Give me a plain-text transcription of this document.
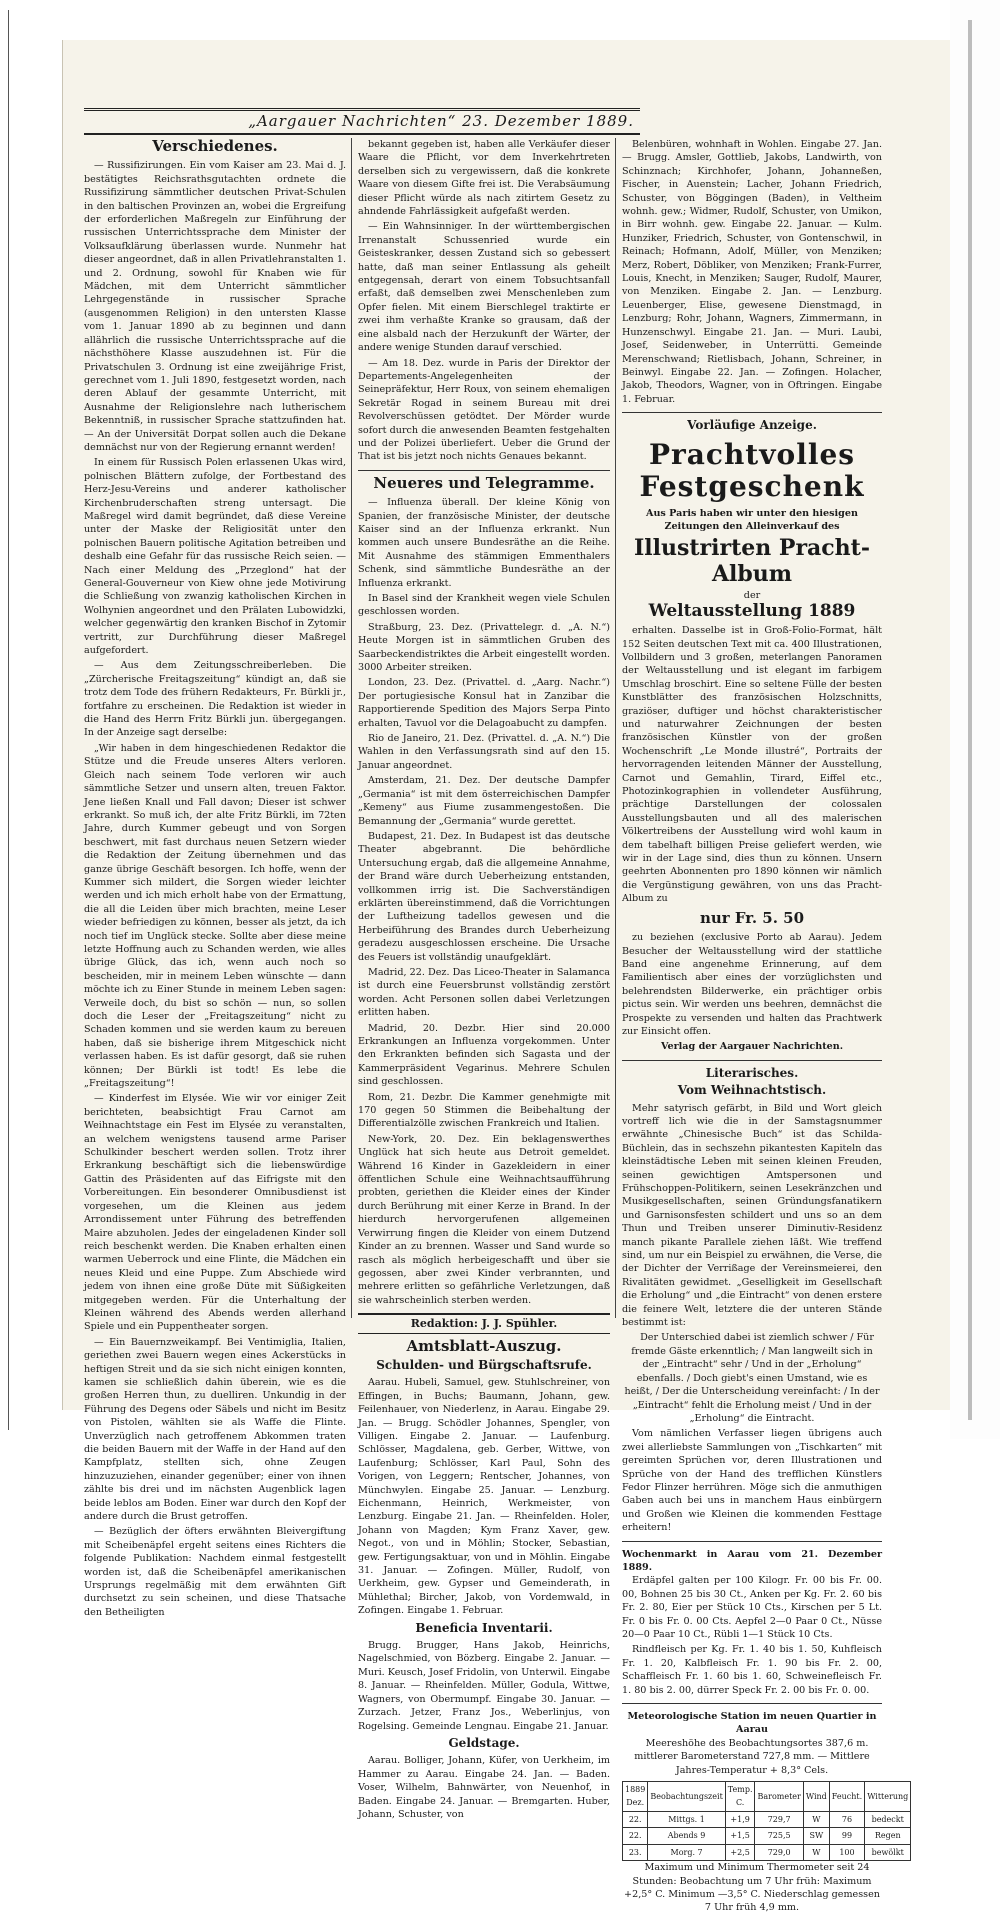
„Aargauer Nachrichten“ 23. Dezember 1889.
Verschiedenes.

— Russifizirungen. Ein vom Kaiser am 23. Mai d. J. bestätigtes Reichsrathsgutachten ordnete die Russifizirung sämmtlicher deutschen Privat-Schulen in den baltischen Provinzen an, wobei die Ergreifung der erforderlichen Maßregeln zur Einführung der russischen Unterrichtssprache dem Minister der Volksaufklärung überlassen wurde. Nunmehr hat dieser angeordnet, daß in allen Privatlehranstalten 1. und 2. Ordnung, sowohl für Knaben wie für Mädchen, mit dem Unterricht sämmtlicher Lehrgegenstände in russischer Sprache (ausgenommen Religion) in den untersten Klasse vom 1. Januar 1890 ab zu beginnen und dann allährlich die russische Unterrichtssprache auf die nächsthöhere Klasse auszudehnen ist. Für die Privatschulen 3. Ordnung ist eine zweijährige Frist, gerechnet vom 1. Juli 1890, festgesetzt worden, nach deren Ablauf der gesammte Unterricht, mit Ausnahme der Religionslehre nach lutherischem Bekenntniß, in russischer Sprache stattzufinden hat. — An der Universität Dorpat sollen auch die Dekane demnächst nur von der Regierung ernannt werden!

In einem für Russisch Polen erlassenen Ukas wird, polnischen Blättern zufolge, der Fortbestand des Herz-Jesu-Vereins und anderer katholischer Kirchenbruderschaften streng untersagt. Die Maßregel wird damit begründet, daß diese Vereine unter der Maske der Religiosität unter den polnischen Bauern politische Agitation betreiben und deshalb eine Gefahr für das russische Reich seien. — Nach einer Meldung des „Przeglond“ hat der General-Gouverneur von Kiew ohne jede Motivirung die Schließung von zwanzig katholischen Kirchen in Wolhynien angeordnet und den Prälaten Lubowidzki, welcher gegenwärtig den kranken Bischof in Zytomir vertritt, zur Durchführung dieser Maßregel aufgefordert.

— Aus dem Zeitungsschreiberleben. Die „Zürcherische Freitagszeitung“ kündigt an, daß sie trotz dem Tode des frühern Redakteurs, Fr. Bürkli jr., fortfahre zu erscheinen. Die Redaktion ist wieder in die Hand des Herrn Fritz Bürkli jun. übergegangen. In der Anzeige sagt derselbe:

„Wir haben in dem hingeschiedenen Redaktor die Stütze und die Freude unseres Alters verloren. Gleich nach seinem Tode verloren wir auch sämmtliche Setzer und unsern alten, treuen Faktor. Jene ließen Knall und Fall davon; Dieser ist schwer erkrankt. So muß ich, der alte Fritz Bürkli, im 72ten Jahre, durch Kummer gebeugt und von Sorgen beschwert, mit fast durchaus neuen Setzern wieder die Redaktion der Zeitung übernehmen und das ganze übrige Geschäft besorgen. Ich hoffe, wenn der Kummer sich mildert, die Sorgen wieder leichter werden und ich mich erholt habe von der Ermattung, die all die Leiden über mich brachten, meine Leser wieder befriedigen zu können, besser als jetzt, da ich noch tief im Unglück stecke. Sollte aber diese meine letzte Hoffnung auch zu Schanden werden, wie alles übrige Glück, das ich, wenn auch noch so bescheiden, mir in meinem Leben wünschte — dann möchte ich zu Einer Stunde in meinem Leben sagen: Verweile doch, du bist so schön — nun, so sollen doch die Leser der „Freitagszeitung“ nicht zu Schaden kommen und sie werden kaum zu bereuen haben, daß sie bisherige ihrem Mitgeschick nicht verlassen haben. Es ist dafür gesorgt, daß sie ruhen können; Der Bürkli ist todt! Es lebe die „Freitagszeitung“!

— Kinderfest im Elysée. Wie wir vor einiger Zeit berichteten, beabsichtigt Frau Carnot am Weihnachtstage ein Fest im Elysée zu veranstalten, an welchem wenigstens tausend arme Pariser Schulkinder beschert werden sollen. Trotz ihrer Erkrankung beschäftigt sich die liebenswürdige Gattin des Präsidenten auf das Eifrigste mit den Vorbereitungen. Ein besonderer Omnibusdienst ist vorgesehen, um die Kleinen aus jedem Arrondissement unter Führung des betreffenden Maire abzuholen. Jedes der eingeladenen Kinder soll reich beschenkt werden. Die Knaben erhalten einen warmen Ueberrock und eine Flinte, die Mädchen ein neues Kleid und eine Puppe. Zum Abschiede wird jedem von ihnen eine große Düte mit Süßigkeiten mitgegeben werden. Für die Unterhaltung der Kleinen während des Abends werden allerhand Spiele und ein Puppentheater sorgen.

— Ein Bauernzweikampf. Bei Ventimiglia, Italien, geriethen zwei Bauern wegen eines Ackerstücks in heftigen Streit und da sie sich nicht einigen konnten, kamen sie schließlich dahin überein, wie es die großen Herren thun, zu duelliren. Unkundig in der Führung des Degens oder Säbels und nicht im Besitz von Pistolen, wählten sie als Waffe die Flinte. Unverzüglich nach getroffenem Abkommen traten die beiden Bauern mit der Waffe in der Hand auf den Kampfplatz, stellten sich, ohne Zeugen hinzuzuziehen, einander gegenüber; einer von ihnen zählte bis drei und im nächsten Augenblick lagen beide leblos am Boden. Einer war durch den Kopf der andere durch die Brust getroffen.

— Bezüglich der öfters erwähnten Bleivergiftung mit Scheibenäpfel ergeht seitens eines Richters die folgende Publikation: Nachdem einmal festgestellt worden ist, daß die Scheibenäpfel amerikanischen Ursprungs regelmäßig mit dem erwähnten Gift durchsetzt zu sein scheinen, und diese Thatsache den Betheiligten

bekannt gegeben ist, haben alle Verkäufer dieser Waare die Pflicht, vor dem Inverkehrtreten derselben sich zu vergewissern, daß die konkrete Waare von diesem Gifte frei ist. Die Verabsäumung dieser Pflicht würde als nach zitirtem Gesetz zu ahndende Fahrlässigkeit aufgefaßt werden.

— Ein Wahnsinniger. In der württembergischen Irrenanstalt Schussenried wurde ein Geisteskranker, dessen Zustand sich so gebessert hatte, daß man seiner Entlassung als geheilt entgegensah, derart von einem Tobsuchtsanfall erfaßt, daß demselben zwei Menschenleben zum Opfer fielen. Mit einem Bierschlegel traktirte er zwei ihm verhaßte Kranke so grausam, daß der eine alsbald nach der Herzukunft der Wärter, der andere wenige Stunden darauf verschied.

— Am 18. Dez. wurde in Paris der Direktor der Departements-Angelegenheiten der Seinepräfektur, Herr Roux, von seinem ehemaligen Sekretär Rogad in seinem Bureau mit drei Revolverschüssen getödtet. Der Mörder wurde sofort durch die anwesenden Beamten festgehalten und der Polizei überliefert. Ueber die Grund der That ist bis jetzt noch nichts Genaues bekannt.

Neueres und Telegramme.

— Influenza überall. Der kleine König von Spanien, der französische Minister, der deutsche Kaiser sind an der Influenza erkrankt. Nun kommen auch unsere Bundesräthe an die Reihe. Mit Ausnahme des stämmigen Emmenthalers Schenk, sind sämmtliche Bundesräthe an der Influenza erkrankt.

In Basel sind der Krankheit wegen viele Schulen geschlossen worden.

Straßburg, 23. Dez. (Privattelegr. d. „A. N.“) Heute Morgen ist in sämmtlichen Gruben des Saarbeckendistriktes die Arbeit eingestellt worden. 3000 Arbeiter streiken.

London, 23. Dez. (Privattel. d. „Aarg. Nachr.“) Der portugiesische Konsul hat in Zanzibar die Rapportierende Spedition des Majors Serpa Pinto erhalten, Tavuol vor die Delagoabucht zu dampfen.

Rio de Janeiro, 21. Dez. (Privattel. d. „A. N.“) Die Wahlen in den Verfassungsrath sind auf den 15. Januar angeordnet.

Amsterdam, 21. Dez. Der deutsche Dampfer „Germania“ ist mit dem österreichischen Dampfer „Kemeny“ aus Fiume zusammengestoßen. Die Bemannung der „Germania“ wurde gerettet.

Budapest, 21. Dez. In Budapest ist das deutsche Theater abgebrannt. Die behördliche Untersuchung ergab, daß die allgemeine Annahme, der Brand wäre durch Ueberheizung entstanden, vollkommen irrig ist. Die Sachverständigen erklärten übereinstimmend, daß die Vorrichtungen der Luftheizung tadellos gewesen und die Herbeiführung des Brandes durch Ueberheizung geradezu ausgeschlossen erscheine. Die Ursache des Feuers ist vollständig unaufgeklärt.

Madrid, 22. Dez. Das Liceo-Theater in Salamanca ist durch eine Feuersbrunst vollständig zerstört worden. Acht Personen sollen dabei Verletzungen erlitten haben.

Madrid, 20. Dezbr. Hier sind 20.000 Erkrankungen an Influenza vorgekommen. Unter den Erkrankten befinden sich Sagasta und der Kammerpräsident Vegarinus. Mehrere Schulen sind geschlossen.

Rom, 21. Dezbr. Die Kammer genehmigte mit 170 gegen 50 Stimmen die Beibehaltung der Differentialzölle zwischen Frankreich und Italien.

New-York, 20. Dez. Ein beklagenswerthes Unglück hat sich heute aus Detroit gemeldet. Während 16 Kinder in Gazekleidern in einer öffentlichen Schule eine Weihnachtsaufführung probten, geriethen die Kleider eines der Kinder durch Berührung mit einer Kerze in Brand. In der hierdurch hervorgerufenen allgemeinen Verwirrung fingen die Kleider von einem Dutzend Kinder an zu brennen. Wasser und Sand wurde so rasch als möglich herbeigeschafft und über sie gegossen, aber zwei Kinder verbrannten, und mehrere erlitten so gefährliche Verletzungen, daß sie wahrscheinlich sterben werden.

Redaktion: J. J. Spühler.
Amtsblatt-Auszug.
Schulden- und Bürgschaftsrufe.

Aarau. Hubeli, Samuel, gew. Stuhlschreiner, von Effingen, in Buchs; Baumann, Johann, gew. Feilenhauer, von Niederlenz, in Aarau. Eingabe 29. Jan. — Brugg. Schödler Johannes, Spengler, von Villigen. Eingabe 2. Januar. — Laufenburg. Schlösser, Magdalena, geb. Gerber, Wittwe, von Laufenburg; Schlösser, Karl Paul, Sohn des Vorigen, von Leggern; Rentscher, Johannes, von Münchwylen. Eingabe 25. Januar. — Lenzburg. Eichenmann, Heinrich, Werkmeister, von Lenzburg. Eingabe 21. Jan. — Rheinfelden. Holer, Johann von Magden; Kym Franz Xaver, gew. Negot., von und in Möhlin; Stocker, Sebastian, gew. Fertigungsaktuar, von und in Möhlin. Eingabe 31. Januar. — Zofingen. Müller, Rudolf, von Uerkheim, gew. Gypser und Gemeinderath, in Mühlethal; Bircher, Jakob, von Vordemwald, in Zofingen. Eingabe 1. Februar.

Beneficia Inventarii.

Brugg. Brugger, Hans Jakob, Heinrichs, Nagelschmied, von Bözberg. Eingabe 2. Januar. — Muri. Keusch, Josef Fridolin, von Unterwil. Eingabe 8. Januar. — Rheinfelden. Müller, Godula, Wittwe, Wagners, von Obermumpf. Eingabe 30. Januar. — Zurzach. Jetzer, Franz Jos., Weberlinjus, von Rogelsing. Gemeinde Lengnau. Eingabe 21. Januar.

Geldstage.

Aarau. Bolliger, Johann, Küfer, von Uerkheim, im Hammer zu Aarau. Eingabe 24. Jan. — Baden. Voser, Wilhelm, Bahnwärter, von Neuenhof, in Baden. Eingabe 24. Januar. — Bremgarten. Huber, Johann, Schuster, von

Belenbüren, wohnhaft in Wohlen. Eingabe 27. Jan. — Brugg. Amsler, Gottlieb, Jakobs, Landwirth, von Schinznach; Kirchhofer, Johann, Johanneßen, Fischer, in Auenstein; Lacher, Johann Friedrich, Schuster, von Böggingen (Baden), in Veltheim wohnh. gew.; Widmer, Rudolf, Schuster, von Umikon, in Birr wohnh. gew. Eingabe 22. Januar. — Kulm. Hunziker, Friedrich, Schuster, von Gontenschwil, in Reinach; Hofmann, Adolf, Müller, von Menziken; Merz, Robert, Döbliker, von Menziken; Frank-Furrer, Louis, Knecht, in Menziken; Sauger, Rudolf, Maurer, von Menziken. Eingabe 2. Jan. — Lenzburg. Leuenberger, Elise, gewesene Dienstmagd, in Lenzburg; Rohr, Johann, Wagners, Zimmermann, in Hunzenschwyl. Eingabe 21. Jan. — Muri. Laubi, Josef, Seidenweber, in Unterrütti. Gemeinde Merenschwand; Rietlisbach, Johann, Schreiner, in Beinwyl. Eingabe 22. Jan. — Zofingen. Holacher, Jakob, Theodors, Wagner, von in Oftringen. Eingabe 1. Februar.

Vorläufige Anzeige.
Prachtvolles Festgeschenk
Aus Paris haben wir unter den hiesigen Zeitungen den Alleinverkauf des
Illustrirten Pracht-Album
der
Weltausstellung 1889

erhalten. Dasselbe ist in Groß-Folio-Format, hält 152 Seiten deutschen Text mit ca. 400 Illustrationen, Vollbildern und 3 großen, meterlangen Panoramen der Weltausstellung und ist elegant im farbigem Umschlag broschirt. Eine so seltene Fülle der besten Kunstblätter des französischen Holzschnitts, graziöser, duftiger und höchst charakteristischer und naturwahrer Zeichnungen der besten französischen Künstler von der großen Wochenschrift „Le Monde illustré“, Portraits der hervorragenden leitenden Männer der Ausstellung, Carnot und Gemahlin, Tirard, Eiffel etc., Photozinkographien in vollendeter Ausführung, prächtige Darstellungen der colossalen Ausstellungsbauten und all des malerischen Völkertreibens der Ausstellung wird wohl kaum in dem tabelhaft billigen Preise geliefert werden, wie wir in der Lage sind, dies thun zu können. Unsern geehrten Abonnenten pro 1890 können wir nämlich die Vergünstigung gewähren, von uns das Pracht-Album zu

nur Fr. 5. 50

zu beziehen (exclusive Porto ab Aarau). Jedem Besucher der Weltausstellung wird der stattliche Band eine angenehme Erinnerung, auf dem Familientisch aber eines der vorzüglichsten und belehrendsten Bilderwerke, ein prächtiger orbis pictus sein. Wir werden uns beehren, demnächst die Prospekte zu versenden und halten das Prachtwerk zur Einsicht offen.

Verlag der Aargauer Nachrichten.
Literarisches.
Vom Weihnachtstisch.

Mehr satyrisch gefärbt, in Bild und Wort gleich vortreff lich wie die in der Samstagsnummer erwähnte „Chinesische Buch“ ist das Schilda-Büchlein, das in sechszehn pikantesten Kapiteln das kleinstädtische Leben mit seinen kleinen Freuden, seinen gewichtigen Amtspersonen und Frühschoppen-Politikern, seinen Lesekränzchen und Musikgesellschaften, seinen Gründungsfanatikern und Garnisonsfesten schildert und uns so an dem Thun und Treiben unserer Diminutiv-Residenz manch pikante Parallele ziehen läßt. Wie treffend sind, um nur ein Beispiel zu erwähnen, die Verse, die der Dichter der Verrißage der Vereinsmeierei, den Rivalitäten gewidmet. „Geselligkeit im Gesellschaft die Erholung“ und „die Eintracht“ von denen erstere die feinere Welt, letztere die der unteren Stände bestimmt ist:

Der Unterschied dabei ist ziemlich schwer / Für fremde Gäste erkenntlich; / Man langweilt sich in der „Eintracht“ sehr / Und in der „Erholung“ ebenfalls. / Doch giebt's einen Umstand, wie es heißt, / Der die Unterscheidung vereinfacht: / In der „Eintracht“ fehlt die Erholung meist / Und in der „Erholung“ die Eintracht.

Vom nämlichen Verfasser liegen übrigens auch zwei allerliebste Sammlungen von „Tischkarten“ mit gereimten Sprüchen vor, deren Illustrationen und Sprüche von der Hand des trefflichen Künstlers Fedor Flinzer herrühren. Möge sich die anmuthigen Gaben auch bei uns in manchem Haus einbürgern und Großen wie Kleinen die kommenden Festtage erheitern!

Wochenmarkt in Aarau vom 21. Dezember 1889.

Erdäpfel galten per 100 Kilogr. Fr. 00 bis Fr. 00. 00, Bohnen 25 bis 30 Ct., Anken per Kg. Fr. 2. 60 bis Fr. 2. 80, Eier per Stück 10 Cts., Kirschen per 5 Lt. Fr. 0 bis Fr. 0. 00 Cts. Aepfel 2—0 Paar 0 Ct., Nüsse 20—0 Paar 10 Ct., Rübli 1—1 Stück 10 Cts.

Rindfleisch per Kg. Fr. 1. 40 bis 1. 50, Kuhfleisch Fr. 1. 20, Kalbfleisch Fr. 1. 90 bis Fr. 2. 00, Schaffleisch Fr. 1. 60 bis 1. 60, Schweinefleisch Fr. 1. 80 bis 2. 00, dürrer Speck Fr. 2. 00 bis Fr. 0. 00.

Meteorologische Station im neuen Quartier in Aarau

Meereshöhe des Beobachtungsortes 387,6 m. mittlerer Barometerstand 727,8 mm. — Mittlere Jahres-Temperatur + 8,3° Cels.

1889 Dez.	Beobachtungszeit	Temp. C.	Barometer	Wind	Feucht.	Witterung
22.	Mittgs. 1	+1,9	729,7	W	76	bedeckt
22.	Abends 9	+1,5	725,5	SW	99	Regen
23.	Morg. 7	+2,5	729,0	W	100	bewölkt

Maximum und Minimum Thermometer seit 24 Stunden: Beobachtung um 7 Uhr früh: Maximum +2,5° C. Minimum —3,5° C. Niederschlag gemessen 7 Uhr früh 4,9 mm.
